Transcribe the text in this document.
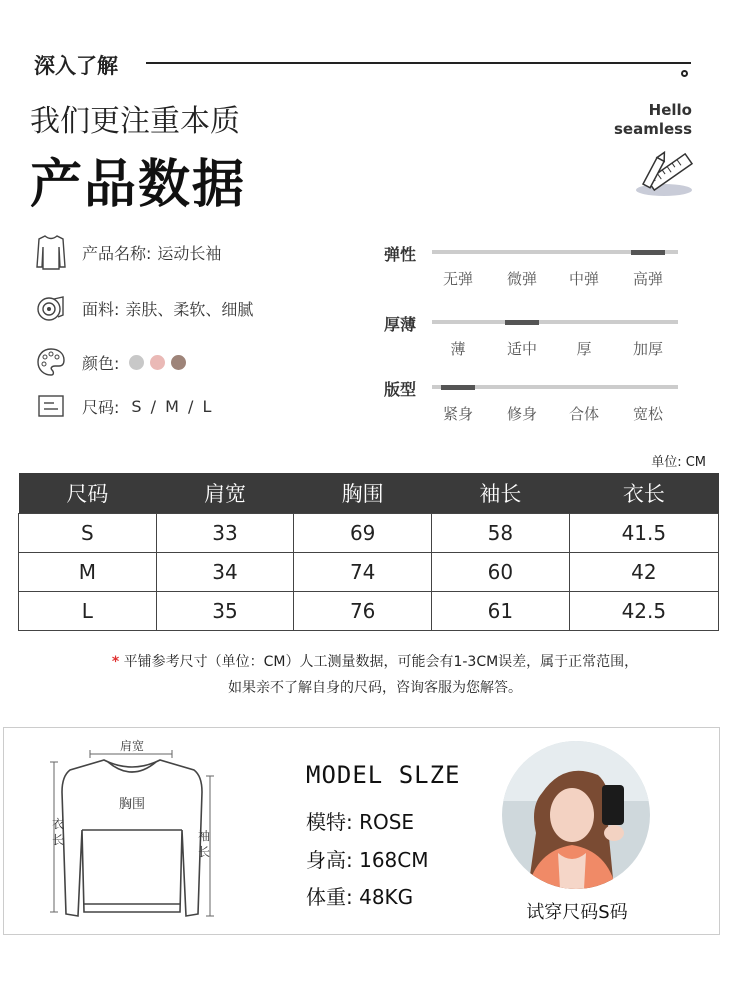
深入了解
我们更注重本质
产品数据
Hello
seamless
产品名称: 运动长袖
面料: 亲肤、柔软、细腻
颜色:
尺码: S / M / L
弹性
无弹	微弹	中弹	高弹
厚薄
薄	适中	厚	加厚
版型
紧身	修身	合体	宽松
单位: CM
尺码	肩宽	胸围	袖长	衣长
S	33	69	58	41.5
M	34	74	60	42
L	35	76	61	42.5
* 平铺参考尺寸（单位：CM）人工测量数据，可能会有1-3CM误差，属于正常范围，
如果亲不了解自身的尺码，咨询客服为您解答。
肩宽
胸围
衣
长	袖
长
MODEL SLZE
模特: ROSE
身高: 168CM
体重: 48KG
试穿尺码S码
